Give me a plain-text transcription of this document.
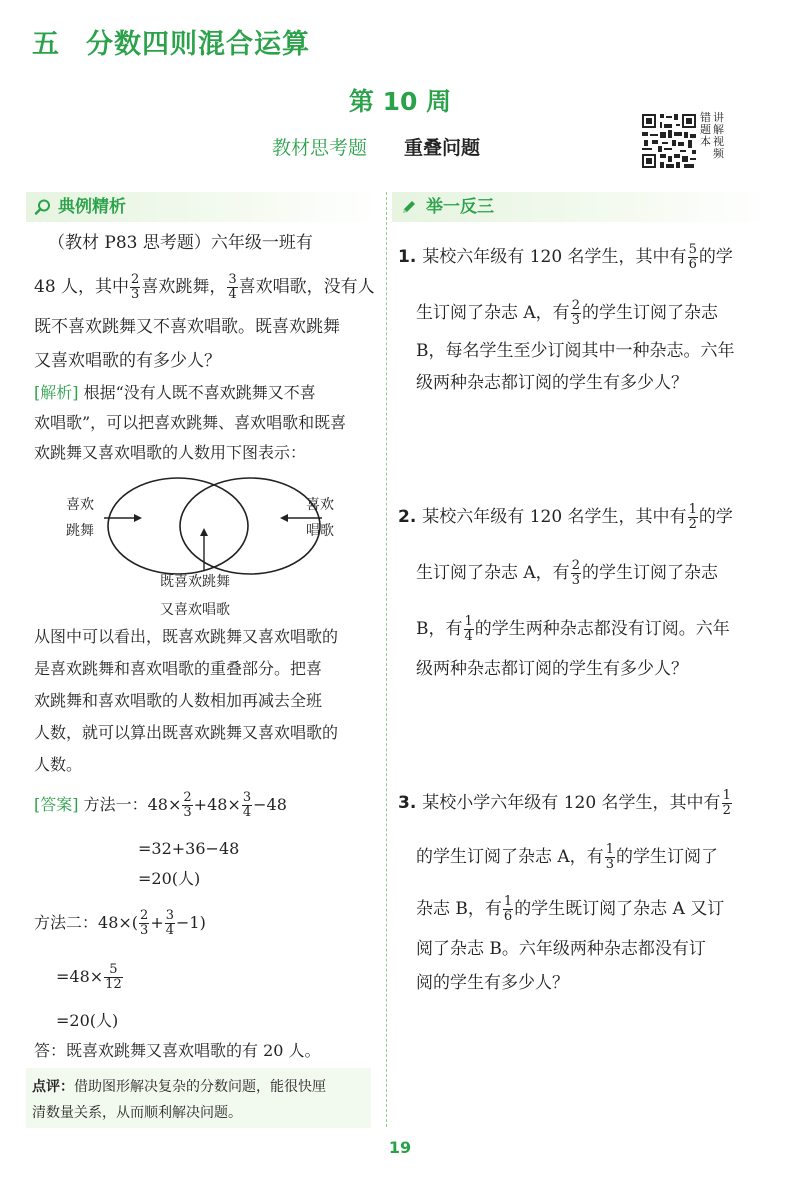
五 分数四则混合运算
第 10 周
教材思考题 重叠问题
错题本讲解视频
典例精析	举一反三
（教材 P83 思考题）六年级一班有
48 人，其中 $\frac{2}{3}$ 喜欢跳舞， $\frac{3}{4}$ 喜欢唱歌，没有人
既不喜欢跳舞又不喜欢唱歌。既喜欢跳舞
又喜欢唱歌的有多少人？
[解析] 根据“没有人既不喜欢跳舞又不喜
欢唱歌”，可以把喜欢跳舞、喜欢唱歌和既喜
欢跳舞又喜欢唱歌的人数用下图表示：
喜欢
跳舞
喜欢
唱歌
既喜欢跳舞
又喜欢唱歌
从图中可以看出，既喜欢跳舞又喜欢唱歌的
是喜欢跳舞和喜欢唱歌的重叠部分。把喜
欢跳舞和喜欢唱歌的人数相加再减去全班
人数，就可以算出既喜欢跳舞又喜欢唱歌的
人数。
[答案] 方法一：$48\times \frac{2}{3} +48\times \frac{3}{4} -48$
=32+36−48
=20(人)
方法二：$48\times( \frac{2}{3} + \frac{3}{4} -1)$
$=48\times \frac{5}{12}$
=20(人)
答：既喜欢跳舞又喜欢唱歌的有 20 人。
点评：借助图形解决复杂的分数问题，能很快厘
清数量关系，从而顺利解决问题。
1. 某校六年级有 120 名学生，其中有 $\frac{5}{6}$ 的学
生订阅了杂志 A，有 $\frac{2}{3}$ 的学生订阅了杂志
B，每名学生至少订阅其中一种杂志。六年
级两种杂志都订阅的学生有多少人？
2. 某校六年级有 120 名学生，其中有 $\frac{1}{2}$ 的学
生订阅了杂志 A，有 $\frac{2}{3}$ 的学生订阅了杂志
B，有 $\frac{1}{4}$ 的学生两种杂志都没有订阅。六年
级两种杂志都订阅的学生有多少人？
3. 某校小学六年级有 120 名学生，其中有 $\frac{1}{2}$
的学生订阅了杂志 A，有 $\frac{1}{3}$ 的学生订阅了
杂志 B，有 $\frac{1}{6}$ 的学生既订阅了杂志 A 又订
阅了杂志 B。六年级两种杂志都没有订
阅的学生有多少人？
19
